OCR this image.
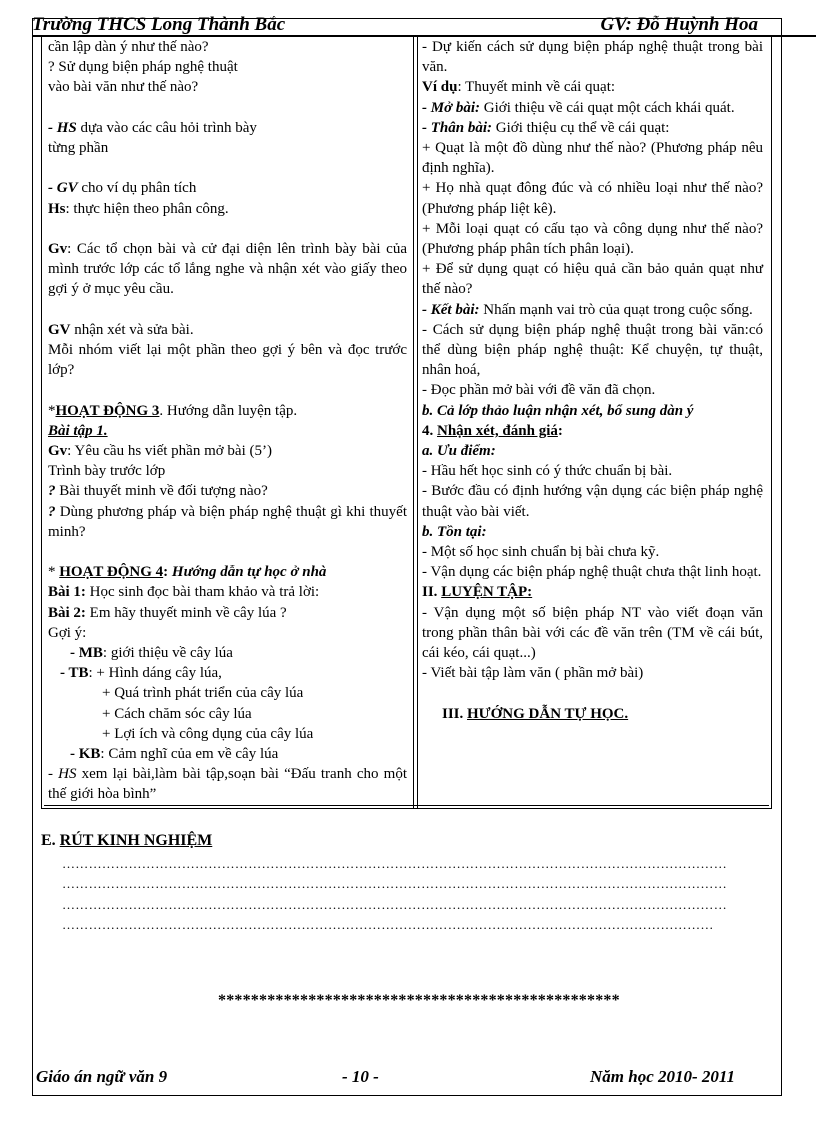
Trường THCS Long Thành Bắc	GV: Đỗ Huỳnh Hoa
cần lập dàn ý như thế nào?
? Sử dụng biện pháp nghệ thuật
vào bài văn như thế nào?
- HS dựa vào các câu hỏi trình bày
từng phần
- GV cho ví dụ phân tích
Hs: thực hiện theo phân công.
Gv: Các tổ chọn bài và cử đại diện lên trình bày bài của mình trước lớp các tổ lắng nghe và nhận xét vào giấy theo gợi ý ở mục yêu cầu.
GV nhận xét và sửa bài.
Mỗi nhóm viết lại một phần theo gợi ý bên và đọc trước lớp?
*HOẠT ĐỘNG 3. Hướng dẫn luyện tập.
Bài tập 1.
Gv: Yêu cầu hs viết phần mở bài (5’)
Trình bày trước lớp
? Bài thuyết minh về đối tượng nào?
? Dùng phương pháp và biện pháp nghệ thuật gì khi thuyết minh?
* HOẠT ĐỘNG 4: Hướng dẫn tự học ở nhà
Bài 1: Học sinh đọc bài tham khảo và trả lời:
Bài 2: Em hãy thuyết minh về cây lúa ?
Gợi ý:
- MB: giới thiệu về cây lúa
- TB: + Hình dáng cây lúa,
+ Quá trình phát triển của cây lúa
+ Cách chăm sóc cây lúa
+ Lợi ích và công dụng của cây lúa
- KB: Cảm nghĩ của em về cây lúa
- HS xem lại bài,làm bài tập,soạn bài “Đấu tranh cho một thế giới hòa bình”
- Dự kiến cách sử dụng biện pháp nghệ thuật trong bài văn.
Ví dụ: Thuyết minh về cái quạt:
- Mở bài: Giới thiệu về cái quạt một cách khái quát.
- Thân bài: Giới thiệu cụ thể về cái quạt:
+ Quạt là một đồ dùng như thế nào? (Phương pháp nêu định nghĩa).
+ Họ nhà quạt đông đúc và có nhiều loại như thế nào? (Phương pháp liệt kê).
+ Mỗi loại quạt có cấu tạo và công dụng như thế nào? (Phương pháp phân tích phân loại).
+ Để sử dụng quạt có hiệu quả cần bảo quản quạt như thế nào?
- Kết bài: Nhấn mạnh vai trò của quạt trong cuộc sống.
- Cách sử dụng biện pháp nghệ thuật trong bài văn:có thể dùng biện pháp nghệ thuật: Kể chuyện, tự thuật, nhân hoá,
- Đọc phần mở bài với đề văn đã chọn.
b. Cả lớp thảo luận nhận xét, bổ sung dàn ý
4. Nhận xét, đánh giá:
a. Ưu điểm:
- Hầu hết học sinh có ý thức chuẩn bị bài.
- Bước đầu có định hướng vận dụng các biện pháp nghệ thuật vào bài viết.
b. Tồn tại:
- Một số học sinh chuẩn bị bài chưa kỹ.
- Vận dụng các biện pháp nghệ thuật chưa thật linh hoạt.
II. LUYỆN TẬP:
- Vận dụng một số biện pháp NT vào viết đoạn văn trong phần thân bài với các đề văn trên (TM về cái bút, cái kéo, cái quạt...)
- Viết bài tập làm văn ( phần mở bài)
III. HƯỚNG DẪN TỰ HỌC.
E. RÚT KINH NGHIỆM
……………………………………………………………………………………………………………………………………
……………………………………………………………………………………………………………………………………
……………………………………………………………………………………………………………………………………
…………………………………………………………………………………………………………………………………
*************************************************
Giáo án ngữ văn 9	- 10 -	Năm học 2010- 2011
